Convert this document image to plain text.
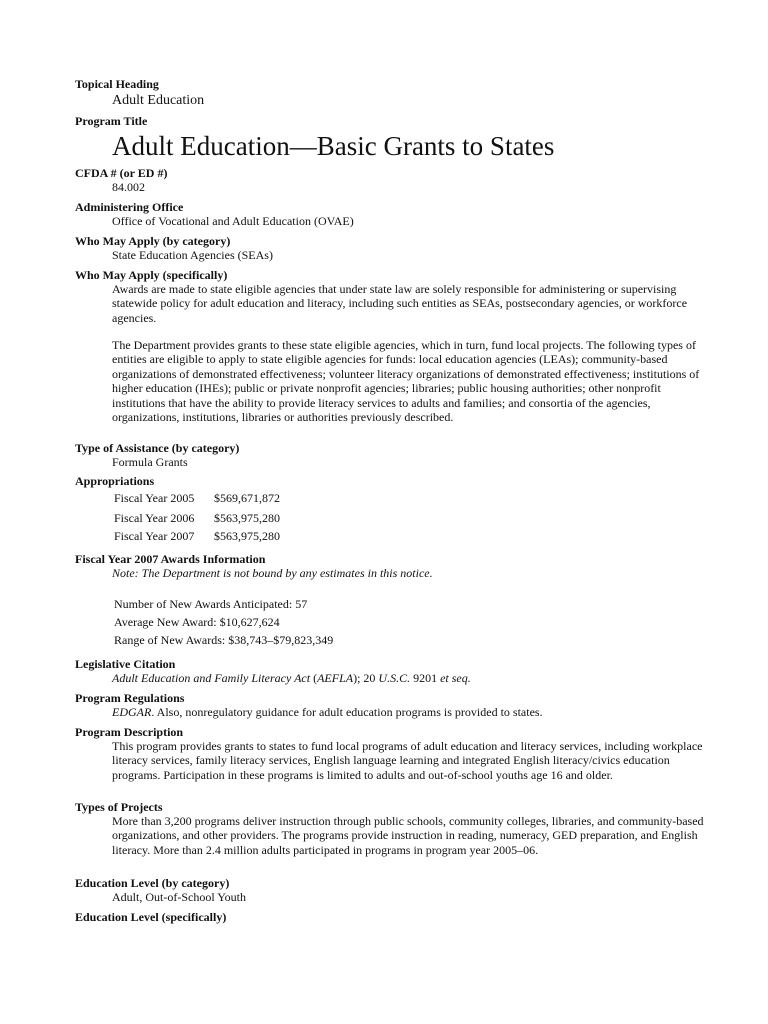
Topical Heading
Adult Education
Program Title
Adult Education—Basic Grants to States
CFDA # (or ED #)
84.002
Administering Office
Office of Vocational and Adult Education (OVAE)
Who May Apply (by category)
State Education Agencies (SEAs)
Who May Apply (specifically)
Awards are made to state eligible agencies that under state law are solely responsible for administering or supervising statewide policy for adult education and literacy, including such entities as SEAs, postsecondary agencies, or workforce agencies.
The Department provides grants to these state eligible agencies, which in turn, fund local projects. The following types of entities are eligible to apply to state eligible agencies for funds: local education agencies (LEAs); community-based organizations of demonstrated effectiveness; volunteer literacy organizations of demonstrated effectiveness; institutions of higher education (IHEs); public or private nonprofit agencies; libraries; public housing authorities; other nonprofit institutions that have the ability to provide literacy services to adults and families; and consortia of the agencies, organizations, institutions, libraries or authorities previously described.
Type of Assistance (by category)
Formula Grants
Appropriations
Fiscal Year 2005 $569,671,872
Fiscal Year 2006 $563,975,280
Fiscal Year 2007 $563,975,280
Fiscal Year 2007 Awards Information
Note: The Department is not bound by any estimates in this notice.
Number of New Awards Anticipated: 57
Average New Award: $10,627,624
Range of New Awards: $38,743–$79,823,349
Legislative Citation
Adult Education and Family Literacy Act (AEFLA); 20 U.S.C. 9201 et seq.
Program Regulations
EDGAR. Also, nonregulatory guidance for adult education programs is provided to states.
Program Description
This program provides grants to states to fund local programs of adult education and literacy services, including workplace literacy services, family literacy services, English language learning and integrated English literacy/civics education programs. Participation in these programs is limited to adults and out-of-school youths age 16 and older.
Types of Projects
More than 3,200 programs deliver instruction through public schools, community colleges, libraries, and community-based organizations, and other providers. The programs provide instruction in reading, numeracy, GED preparation, and English literacy. More than 2.4 million adults participated in programs in program year 2005–06.
Education Level (by category)
Adult, Out-of-School Youth
Education Level (specifically)
